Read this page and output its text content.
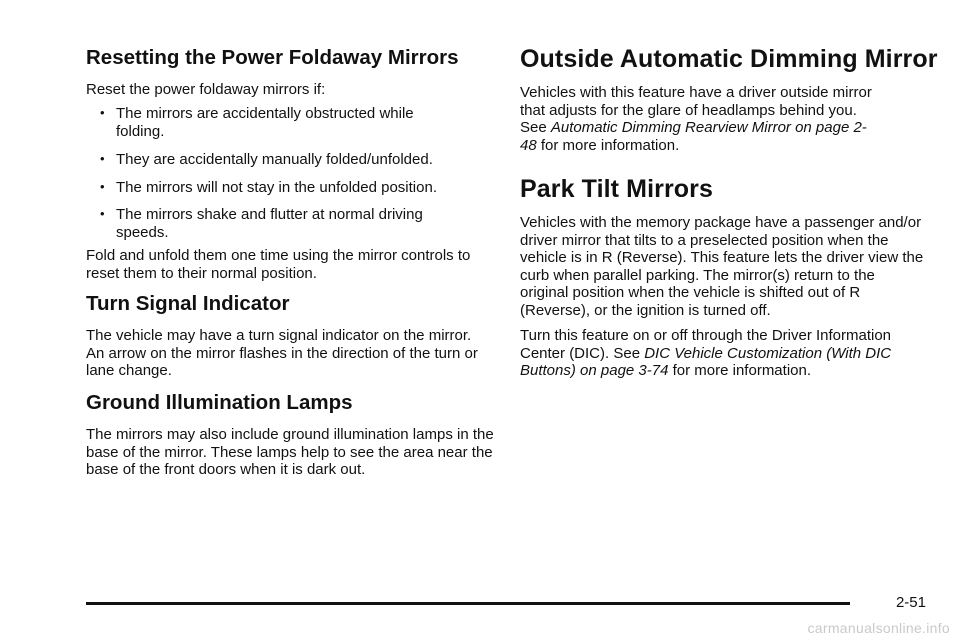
Resetting the Power Foldaway Mirrors

Reset the power foldaway mirrors if:

• The mirrors are accidentally obstructed while folding.
• They are accidentally manually folded/unfolded.
• The mirrors will not stay in the unfolded position.
• The mirrors shake and flutter at normal driving speeds.

Fold and unfold them one time using the mirror controls to reset them to their normal position.

Turn Signal Indicator

The vehicle may have a turn signal indicator on the mirror. An arrow on the mirror flashes in the direction of the turn or lane change.

Ground Illumination Lamps

The mirrors may also include ground illumination lamps in the base of the mirror. These lamps help to see the area near the base of the front doors when it is dark out.

Outside Automatic Dimming Mirror

Vehicles with this feature have a driver outside mirror that adjusts for the glare of headlamps behind you. See Automatic Dimming Rearview Mirror on page 2-48 for more information.

Park Tilt Mirrors

Vehicles with the memory package have a passenger and/or driver mirror that tilts to a preselected position when the vehicle is in R (Reverse). This feature lets the driver view the curb when parallel parking. The mirror(s) return to the original position when the vehicle is shifted out of R (Reverse), or the ignition is turned off.

Turn this feature on or off through the Driver Information Center (DIC). See DIC Vehicle Customization (With DIC Buttons) on page 3-74 for more information.

2-51
carmanualsonline.info
